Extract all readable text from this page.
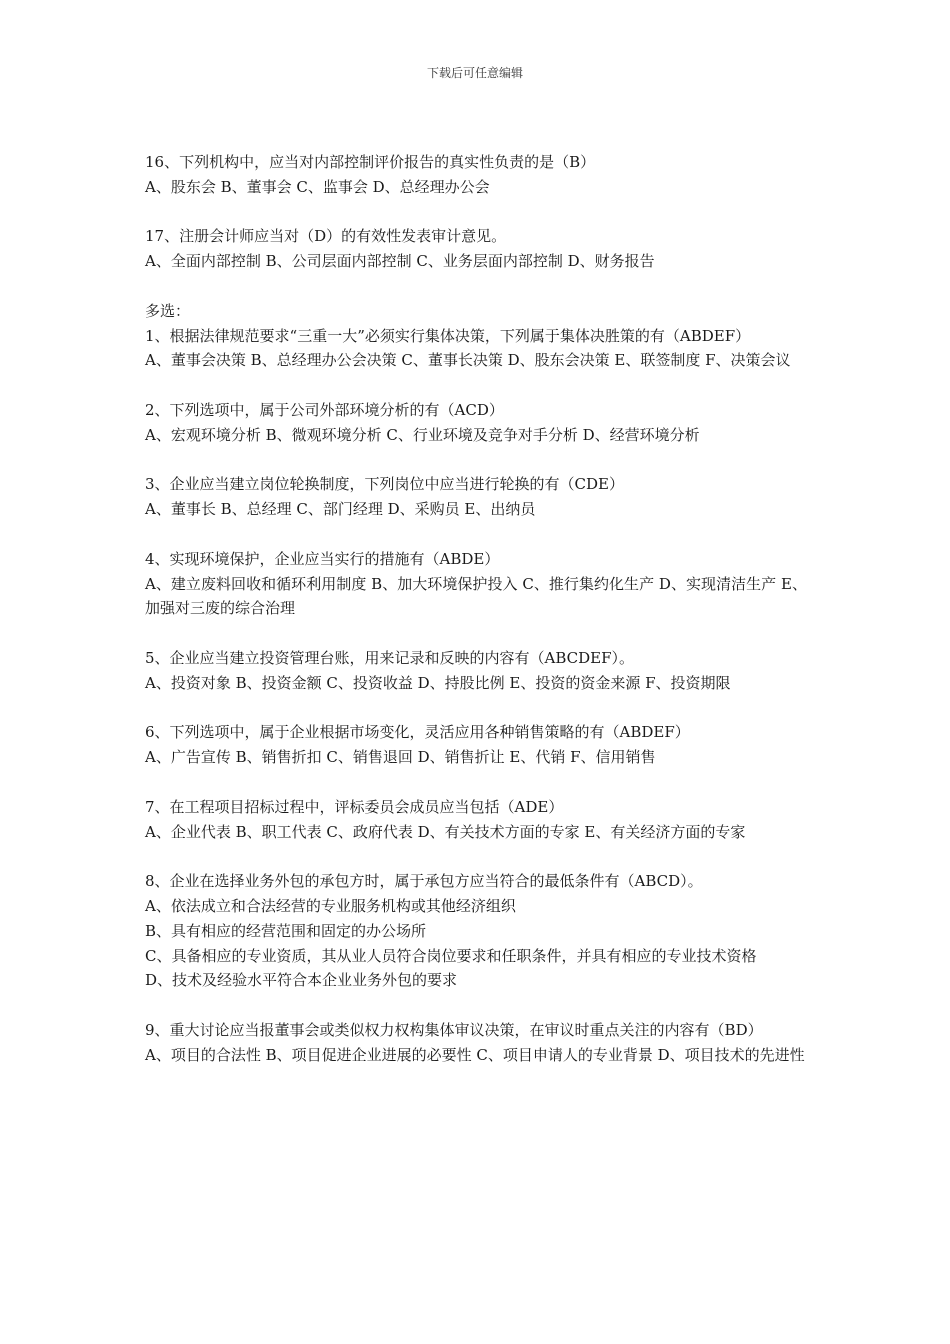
下载后可任意编辑

16、下列机构中，应当对内部控制评价报告的真实性负责的是（B）

A、股东会 B、董事会 C、监事会 D、总经理办公会

17、注册会计师应当对（D）的有效性发表审计意见。

A、全面内部控制 B、公司层面内部控制 C、业务层面内部控制 D、财务报告

多选：

1、根据法律规范要求“三重一大”必须实行集体决策，下列属于集体决胜策的有（ABDEF）

A、董事会决策 B、总经理办公会决策 C、董事长决策 D、股东会决策 E、联签制度 F、决策会议

2、下列选项中，属于公司外部环境分析的有（ACD）

A、宏观环境分析 B、微观环境分析 C、行业环境及竞争对手分析 D、经营环境分析

3、企业应当建立岗位轮换制度，下列岗位中应当进行轮换的有（CDE）

A、董事长 B、总经理 C、部门经理 D、采购员 E、出纳员

4、实现环境保护，企业应当实行的措施有（ABDE）

A、建立废料回收和循环利用制度 B、加大环境保护投入 C、推行集约化生产 D、实现清洁生产 E、加强对三废的综合治理

5、企业应当建立投资管理台账，用来记录和反映的内容有（ABCDEF）。

A、投资对象 B、投资金额 C、投资收益 D、持股比例 E、投资的资金来源 F、投资期限

6、下列选项中，属于企业根据市场变化，灵活应用各种销售策略的有（ABDEF）

A、广告宣传 B、销售折扣 C、销售退回 D、销售折让 E、代销 F、信用销售

7、在工程项目招标过程中，评标委员会成员应当包括（ADE）

A、企业代表 B、职工代表 C、政府代表 D、有关技术方面的专家 E、有关经济方面的专家

8、企业在选择业务外包的承包方时，属于承包方应当符合的最低条件有（ABCD）。

A、依法成立和合法经营的专业服务机构或其他经济组织

B、具有相应的经营范围和固定的办公场所

C、具备相应的专业资质，其从业人员符合岗位要求和任职条件，并具有相应的专业技术资格

D、技术及经验水平符合本企业业务外包的要求

9、重大讨论应当报董事会或类似权力权构集体审议决策，在审议时重点关注的内容有（BD）

A、项目的合法性 B、项目促进企业进展的必要性 C、项目申请人的专业背景 D、项目技术的先进性
